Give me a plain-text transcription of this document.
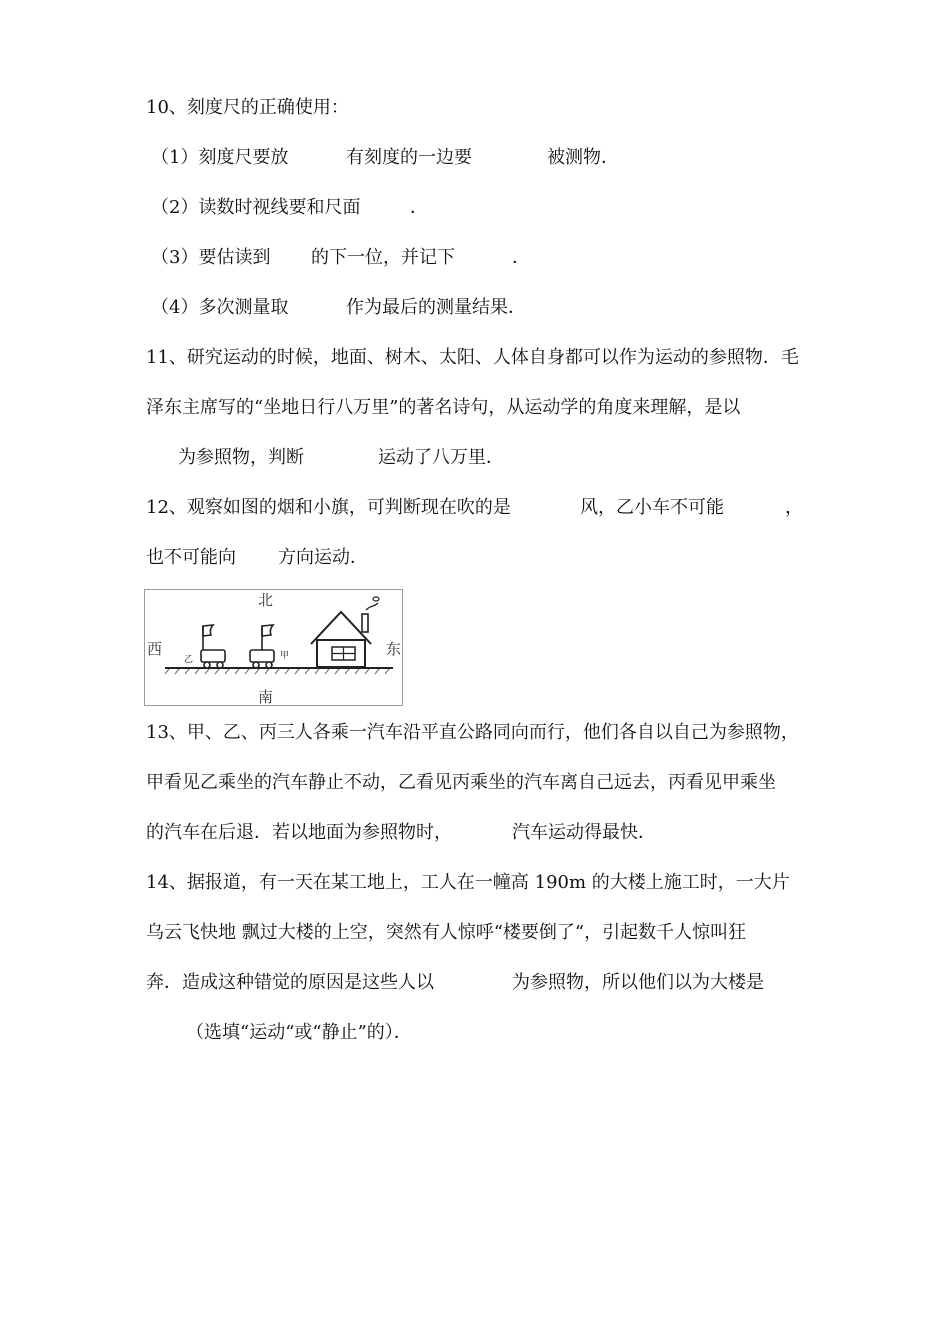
10、刻度尺的正确使用：
（1）刻度尺要放	有刻度的一边要	被测物．
（2）读数时视线要和尺面	．
（3）要估读到 的下一位，并记下	．
（4）多次测量取	作为最后的测量结果．
11、研究运动的时候，地面、树木、太阳、人体自身都可以作为运动的参照物．毛
泽东主席写的“坐地日行八万里”的著名诗句，从运动学的角度来理解，是以
为参照物，判断	运动了八万里．
12、观察如图的烟和小旗，可判断现在吹的是	风，乙小车不可能	，
也不可能向 方向运动．
北
西	东
南
乙	甲
13、甲、乙、丙三人各乘一汽车沿平直公路同向而行，他们各自以自己为参照物，
甲看见乙乘坐的汽车静止不动，乙看见丙乘坐的汽车离自己远去，丙看见甲乘坐
的汽车在后退．若以地面为参照物时，	汽车运动得最快．
14、据报道，有一天在某工地上，工人在一幢高 190m 的大楼上施工时，一大片
乌云飞快地 飘过大楼的上空，突然有人惊呼“楼要倒了“，引起数千人惊叫狂
奔．造成这种错觉的原因是这些人以	为参照物，所以他们以为大楼是
（选填“运动“或“静止”的）．
